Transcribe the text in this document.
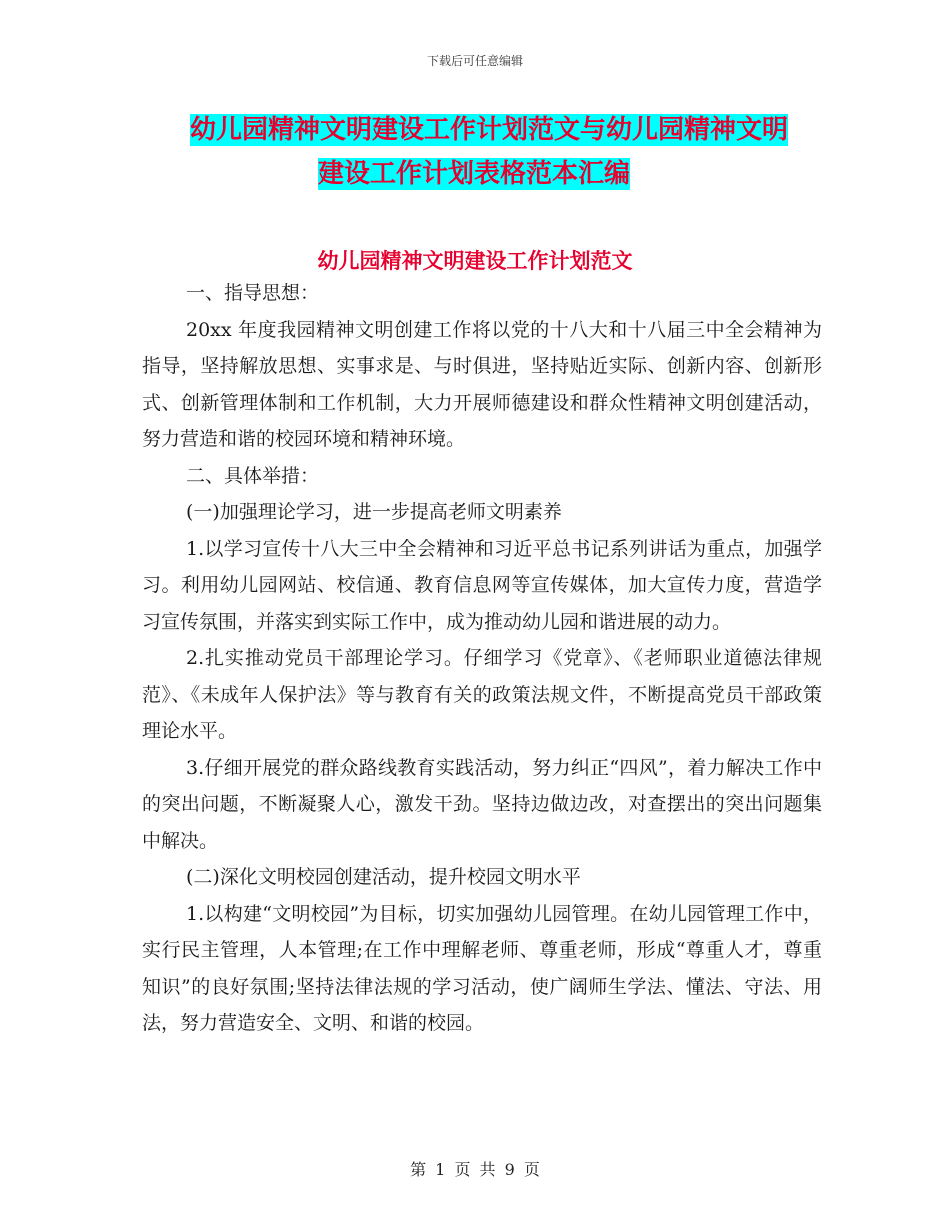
下载后可任意编辑
幼儿园精神文明建设工作计划范文与幼儿园精神文明
建设工作计划表格范本汇编
幼儿园精神文明建设工作计划范文

一、指导思想：

20xx 年度我园精神文明创建工作将以党的十八大和十八届三中全会精神为指导，坚持解放思想、实事求是、与时俱进，坚持贴近实际、创新内容、创新形式、创新管理体制和工作机制，大力开展师德建设和群众性精神文明创建活动，努力营造和谐的校园环境和精神环境。

二、具体举措：

(一)加强理论学习，进一步提高老师文明素养

1.以学习宣传十八大三中全会精神和习近平总书记系列讲话为重点，加强学习。利用幼儿园网站、校信通、教育信息网等宣传媒体，加大宣传力度，营造学习宣传氛围，并落实到实际工作中，成为推动幼儿园和谐进展的动力。

2.扎实推动党员干部理论学习。仔细学习《党章》、《老师职业道德法律规范》、《未成年人保护法》等与教育有关的政策法规文件，不断提高党员干部政策理论水平。

3.仔细开展党的群众路线教育实践活动，努力纠正“四风”，着力解决工作中的突出问题，不断凝聚人心，激发干劲。坚持边做边改，对查摆出的突出问题集中解决。

(二)深化文明校园创建活动，提升校园文明水平

1.以构建“文明校园”为目标，切实加强幼儿园管理。在幼儿园管理工作中，实行民主管理，人本管理;在工作中理解老师、尊重老师，形成“尊重人才，尊重知识”的良好氛围;坚持法律法规的学习活动，使广阔师生学法、懂法、守法、用法，努力营造安全、文明、和谐的校园。

第 1 页 共 9 页
